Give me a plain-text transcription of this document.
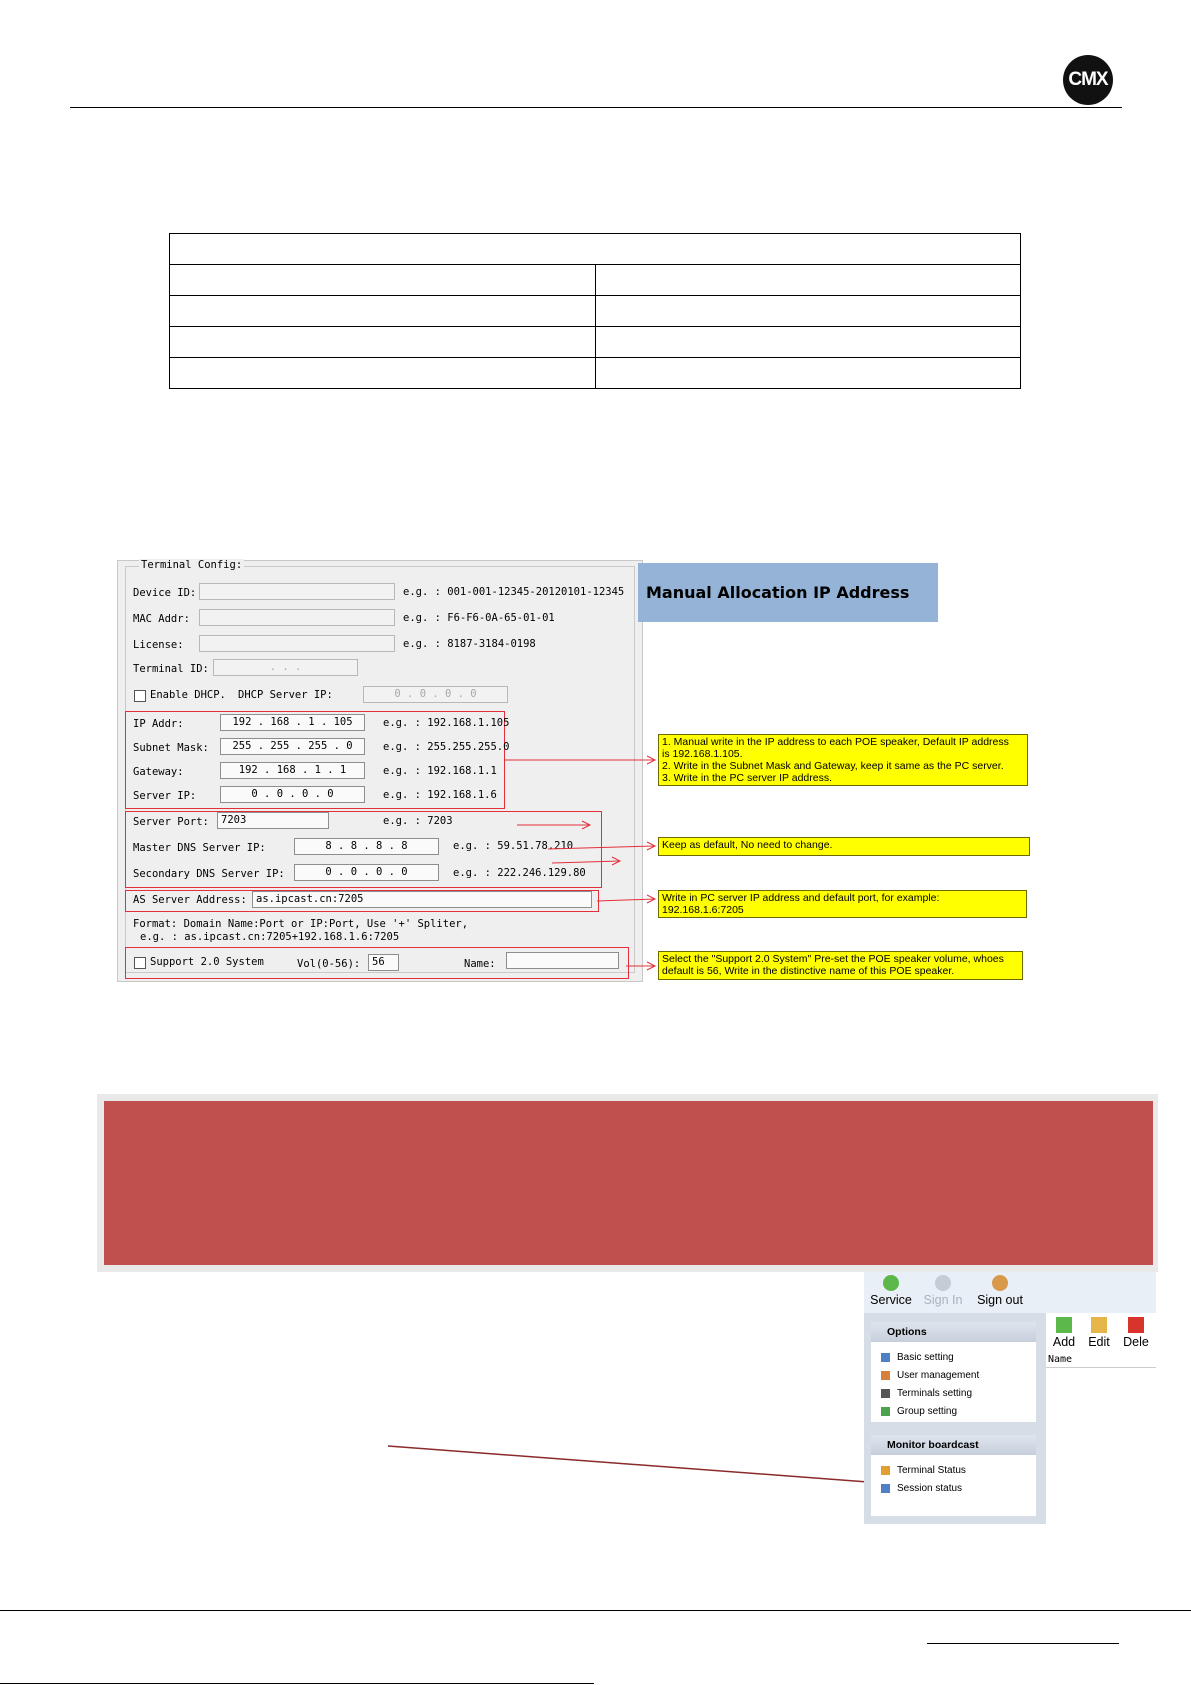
CMX

Terminal Config:
Device ID:	e.g. : 001-001-12345-20120101-12345
MAC Addr:	e.g. : F6-F6-0A-65-01-01
License:	e.g. : 8187-3184-0198
Terminal ID:	. . .
Enable DHCP. DHCP Server IP:	0 . 0 . 0 . 0
IP Addr:	192 . 168 . 1 . 105	e.g. : 192.168.1.105
Subnet Mask:	255 . 255 . 255 . 0	e.g. : 255.255.255.0
Gateway:	192 . 168 . 1 . 1	e.g. : 192.168.1.1
Server IP:	0 . 0 . 0 . 0	e.g. : 192.168.1.6
Server Port:	7203	e.g. : 7203
Master DNS Server IP:	8 . 8 . 8 . 8	e.g. : 59.51.78.210
Secondary DNS Server IP:	0 . 0 . 0 . 0	e.g. : 222.246.129.80
AS Server Address: as.ipcast.cn:7205
Format: Domain Name:Port or IP:Port, Use '+' Spliter,
e.g. : as.ipcast.cn:7205+192.168.1.6:7205
Support 2.0 System	Vol(0-56):	56	Name:
Manual Allocation IP Address
1. Manual write in the IP address to each POE speaker, Default IP address
is 192.168.1.105.
2. Write in the Subnet Mask and Gateway, keep it same as the PC server.
3. Write in the PC server IP address.
Keep as default, No need to change.
Write in PC server IP address and default port, for example:
192.168.1.6:7205
Select the "Support 2.0 System" Pre-set the POE speaker volume, whoes
default is 56, Write in the distinctive name of this POE speaker.
Service Sign In	Sign out
Options
Basic setting
User management
Terminals setting
Group setting
Monitor boardcast
Terminal Status
Session status
Add	Edit	Dele
Name
